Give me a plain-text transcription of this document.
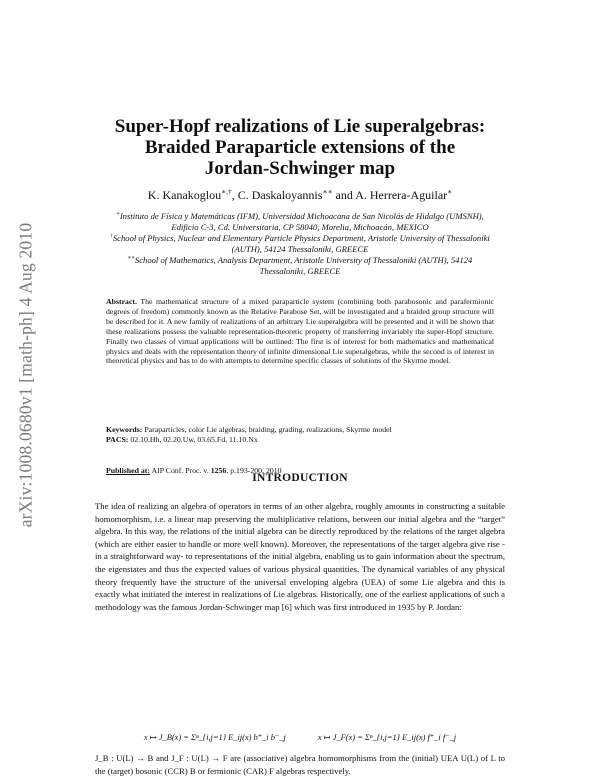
arXiv:1008.0680v1 [math-ph] 4 Aug 2010
Super-Hopf realizations of Lie superalgebras:
Braided Paraparticle extensions of the
Jordan-Schwinger map
K. Kanakoglou∗,†, C. Daskaloyannis∗∗ and A. Herrera-Aguilar∗

∗Instituto de Física y Matemáticas (IFM), Universidad Michoacana de San Nicolás de Hidalgo (UMSNH), Edificio C-3, Cd. Universitaria, CP 58040, Morelia, Michoacán, MEXICO

†School of Physics, Nuclear and Elementary Particle Physics Department, Aristotle University of Thessaloniki (AUTH), 54124 Thessaloniki, GREECE

∗∗School of Mathematics, Analysis Department, Aristotle University of Thessaloniki (AUTH), 54124 Thessaloniki, GREECE

Abstract. The mathematical structure of a mixed paraparticle system (combining both parabosonic and parafermionic degrees of freedom) commonly known as the Relative Parabose Set, will be investigated and a braided group structure will be described for it. A new family of realizations of an arbitrary Lie superalgebra will be presented and it will be shown that these realizations possess the valuable representation-theoretic property of transferring invariably the super-Hopf structure. Finally two classes of virtual applications will be outlined: The first is of interest for both mathematics and mathematical physics and deals with the representation theory of infinite dimensional Lie superalgebras, while the second is of interest in theoretical physics and has to do with attempts to determine specific classes of solutions of the Skyrme model.

Keywords: Paraparticles, color Lie algebras, braiding, grading, realizations, Skyrme model

PACS: 02.10.Hh, 02.20.Uw, 03.65.Fd, 11.10.Nx

Published at: AIP Conf. Proc. v. 1256, p.193-200, 2010
INTRODUCTION

The idea of realizing an algebra of operators in terms of an other algebra, roughly amounts in constructing a suitable homomorphism, i.e. a linear map preserving the multiplicative relations, between our initial algebra and the “target” algebra. In this way, the relations of the initial algebra can be directly reproduced by the relations of the target algebra (which are either easier to handle or more well known). Moreover, the representations of the target algebra give rise -in a straightforward way- to representations of the initial algebra, enabling us to gain information about the spectrum, the eigenstates and thus the expected values of various physical quantities. The dynamical variables of any physical theory frequently have the structure of the universal enveloping algebra (UEA) of some Lie algebra and this is exactly what initiated the interest in realizations of Lie algebras. Historically, one of the earliest applications of such a methodology was the famous Jordan-Schwinger map [6] which was first introduced in 1935 by P. Jordan:

x ↦ J_B(x) = Σⁿ_{i,j=1} E_ij(x) b⁺_i b⁻_j	x ↦ J_F(x) = Σⁿ_{i,j=1} E_ij(x) f⁺_i f⁻_j

J_B : U(L) → B and J_F : U(L) → F are (associative) algebra homomorphisms from the (initial) UEA U(L) of L to the (target) bosonic (CCR) B or fermionic (CAR) F algebras respectively.
